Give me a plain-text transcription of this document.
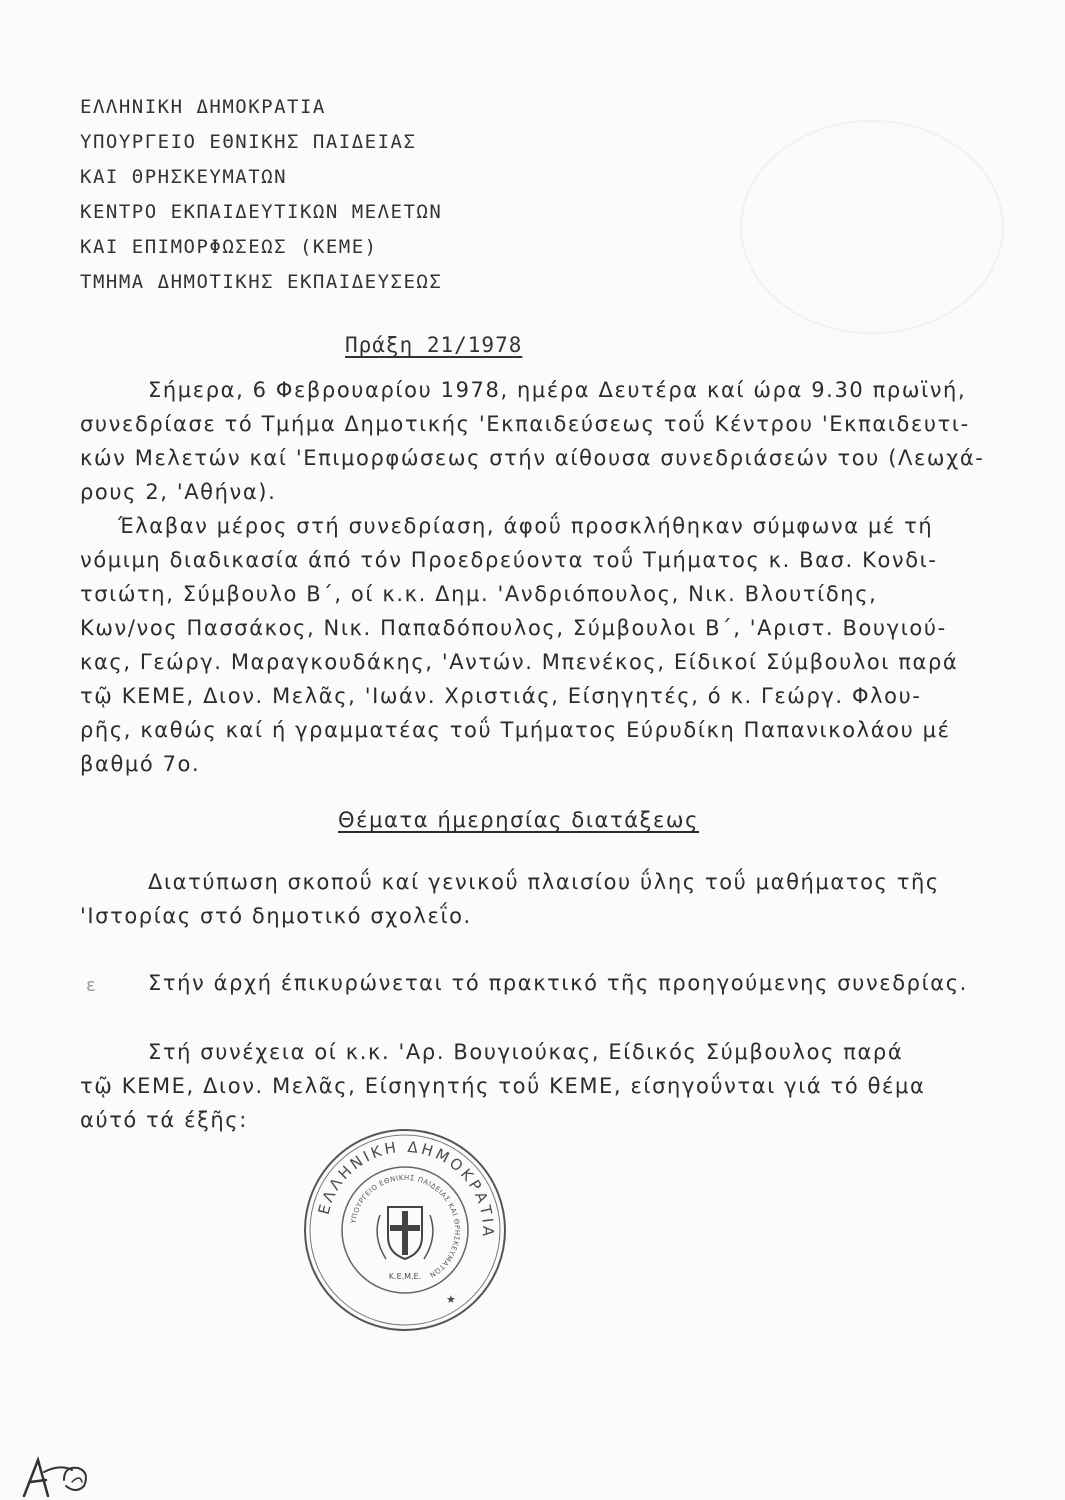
ΕΛΛΗΝΙΚΗ ΔΗΜΟΚΡΑΤΙΑ
ΥΠΟΥΡΓΕΙΟ ΕΘΝΙΚΗΣ ΠΑΙΔΕΙΑΣ
ΚΑΙ ΘΡΗΣΚΕΥΜΑΤΩΝ
ΚΕΝΤΡΟ ΕΚΠΑΙΔΕΥΤΙΚΩΝ ΜΕΛΕΤΩΝ
ΚΑΙ ΕΠΙΜΟΡΦΩΣΕΩΣ (ΚΕΜΕ)
ΤΜΗΜΑ ΔΗΜΟΤΙΚΗΣ ΕΚΠΑΙΔΕΥΣΕΩΣ
Πράξη 21/1978
Σήμερα, 6 Φεβρουαρίου 1978, ημέρα Δευτέρα καί ώρα 9.30 πρωϊνή,
συνεδρίασε τό Τμήμα Δημοτικής 'Εκπαιδεύσεως τοΰ Κέντρου 'Εκπαιδευτι-
κών Μελετών καί 'Επιμορφώσεως στήν αίθουσα συνεδριάσεών του (Λεωχά-
ρους 2, 'Αθήνα).
Έλαβαν μέρος στή συνεδρίαση, άφοΰ προσκλήθηκαν σύμφωνα μέ τή
νόμιμη διαδικασία άπό τόν Προεδρεύοντα τοΰ Τμήματος κ. Βασ. Κονδι-
τσιώτη, Σύμβουλο Β΄, οί κ.κ. Δημ. 'Ανδριόπουλος, Νικ. Βλουτίδης,
Κων/νος Πασσάκος, Νικ. Παπαδόπουλος, Σύμβουλοι Β΄, 'Αριστ. Βουγιού-
κας, Γεώργ. Μαραγκουδάκης, 'Αντών. Μπενέκος, Είδικοί Σύμβουλοι παρά
τῷ ΚΕΜΕ, Διον. Μελᾶς, 'Ιωάν. Χριστιάς, Είσηγητές, ό κ. Γεώργ. Φλου-
ρῆς, καθώς καί ή γραμματέας τοΰ Τμήματος Εύρυδίκη Παπανικολάου μέ
βαθμό 7ο.
Θέματα ήμερησίας διατάξεως
Διατύπωση σκοποΰ καί γενικοΰ πλαισίου ΰλης τοΰ μαθήματος τῆς
'Ιστορίας στό δημοτικό σχολεΐο.
ε	Στήν άρχή έπικυρώνεται τό πρακτικό τῆς προηγούμενης συνεδρίας.
Στή συνέχεια οί κ.κ. 'Αρ. Βουγιούκας, Είδικός Σύμβουλος παρά
τῷ ΚΕΜΕ, Διον. Μελᾶς, Είσηγητής τοΰ ΚΕΜΕ, είσηγοΰνται γιά τό θέμα
αύτό τά έξῆς:
ΕΛΛΗΝΙΚΗ ΔΗΜΟΚΡΑΤΙΑ
ΥΠΟΥΡΓΕΙΟ ΕΘΝΙΚΗΣ ΠΑΙΔΕΙΑΣ ΚΑΙ ΘΡΗΣΚΕΥΜΑΤΩΝ
Κ.Ε.Μ.Ε.
★
